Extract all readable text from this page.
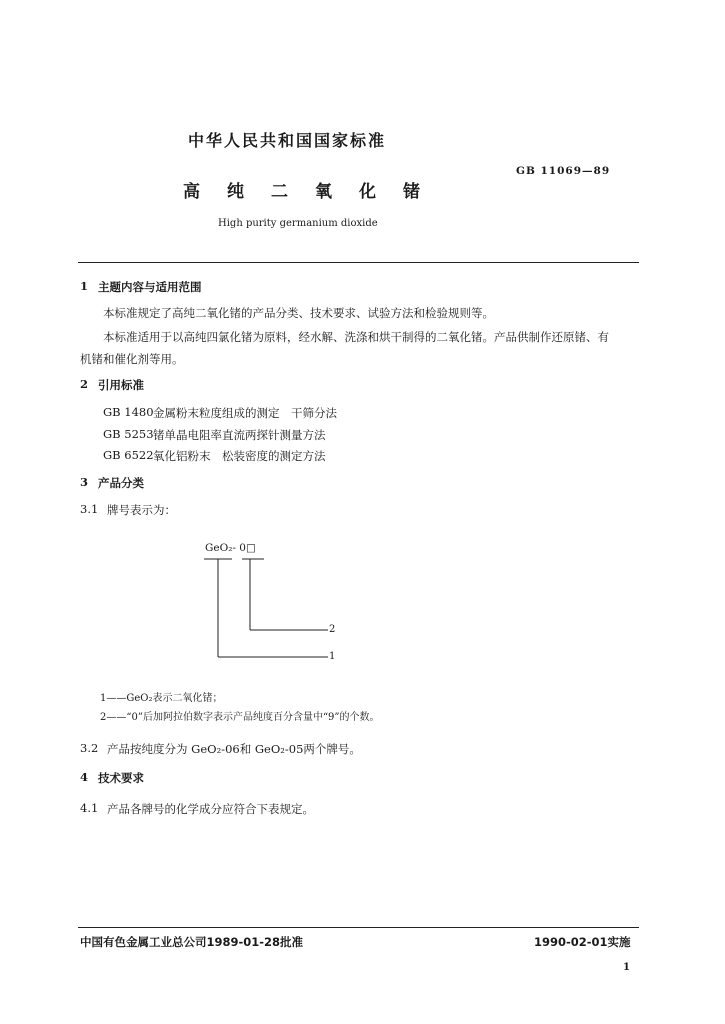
中华人民共和国国家标准
GB 11069—89
高 纯 二 氧 化 锗
High purity germanium dioxide
1 主题内容与适用范围
本标准规定了高纯二氧化锗的产品分类、技术要求、试验方法和检验规则等。
本标准适用于以高纯四氯化锗为原料，经水解、洗涤和烘干制得的二氧化锗。产品供制作还原锗、有
机锗和催化剂等用。
2 引用标准
GB 1480 金属粉末粒度组成的测定　干筛分法
GB 5253 锗单晶电阻率直流两探针测量方法
GB 6522 氧化铝粉末　松装密度的测定方法
3 产品分类
3.1 牌号表示为：
GeO₂- 0□
2
1
1——GeO₂表示二氧化锗；
2——“0”后加阿拉伯数字表示产品纯度百分含量中“9”的个数。
3.2 产品按纯度分为 GeO₂-06和 GeO₂-05两个牌号。
4 技术要求
4.1 产品各牌号的化学成分应符合下表规定。
中国有色金属工业总公司1989-01-28批准	1990-02-01实施
1
